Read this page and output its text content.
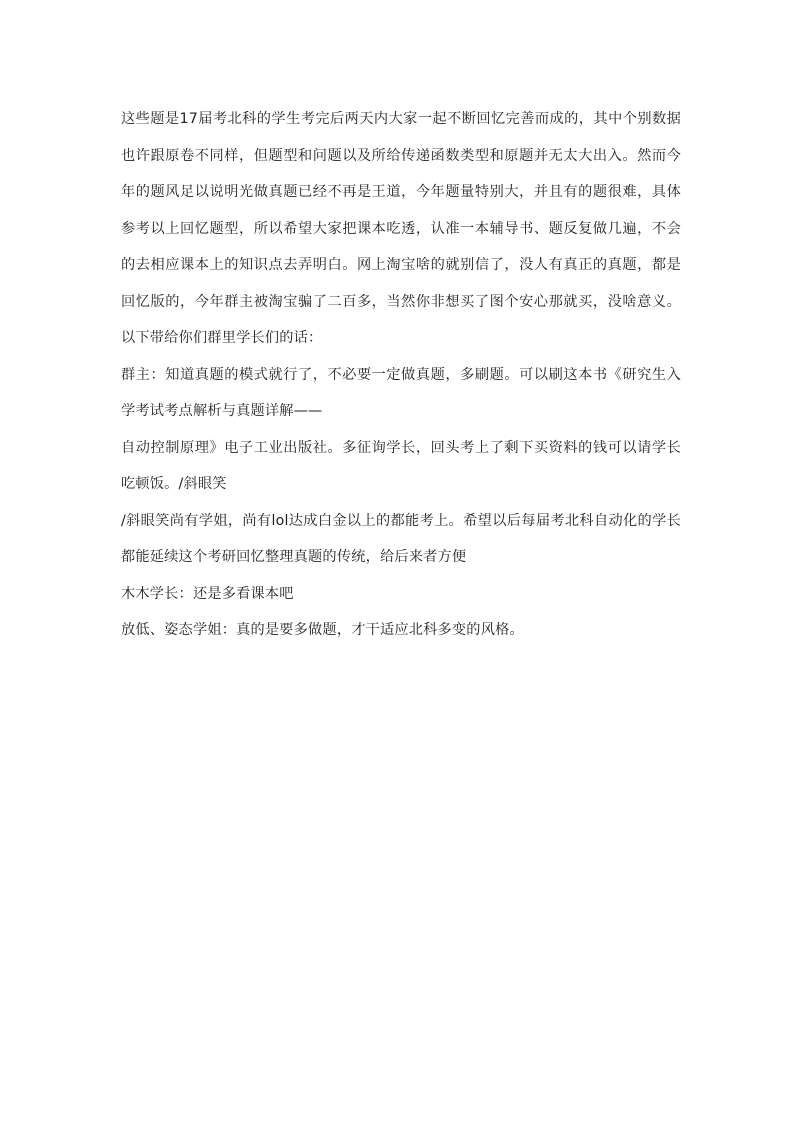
这些题是17届考北科的学生考完后两天内大家一起不断回忆完善而成的，其中个别数据也许跟原卷不同样，但题型和问题以及所给传递函数类型和原题并无太大出入。然而今年的题风足以说明光做真题已经不再是王道，今年题量特别大，并且有的题很难，具体参考以上回忆题型，所以希望大家把课本吃透，认准一本辅导书、题反复做几遍，不会的去相应课本上的知识点去弄明白。网上淘宝啥的就别信了，没人有真正的真题，都是回忆版的，今年群主被淘宝骗了二百多，当然你非想买了图个安心那就买，没啥意义。以下带给你们群里学长们的话：

群主：知道真题的模式就行了，不必要一定做真题，多刷题。可以刷这本书《研究生入学考试考点解析与真题详解——

自动控制原理》电子工业出版社。多征询学长，回头考上了剩下买资料的钱可以请学长吃顿饭。/斜眼笑

/斜眼笑尚有学姐，尚有lol达成白金以上的都能考上。希望以后每届考北科自动化的学长都能延续这个考研回忆整理真题的传统，给后来者方便

木木学长：还是多看课本吧

放低、姿态学姐：真的是要多做题，才干适应北科多变的风格。
